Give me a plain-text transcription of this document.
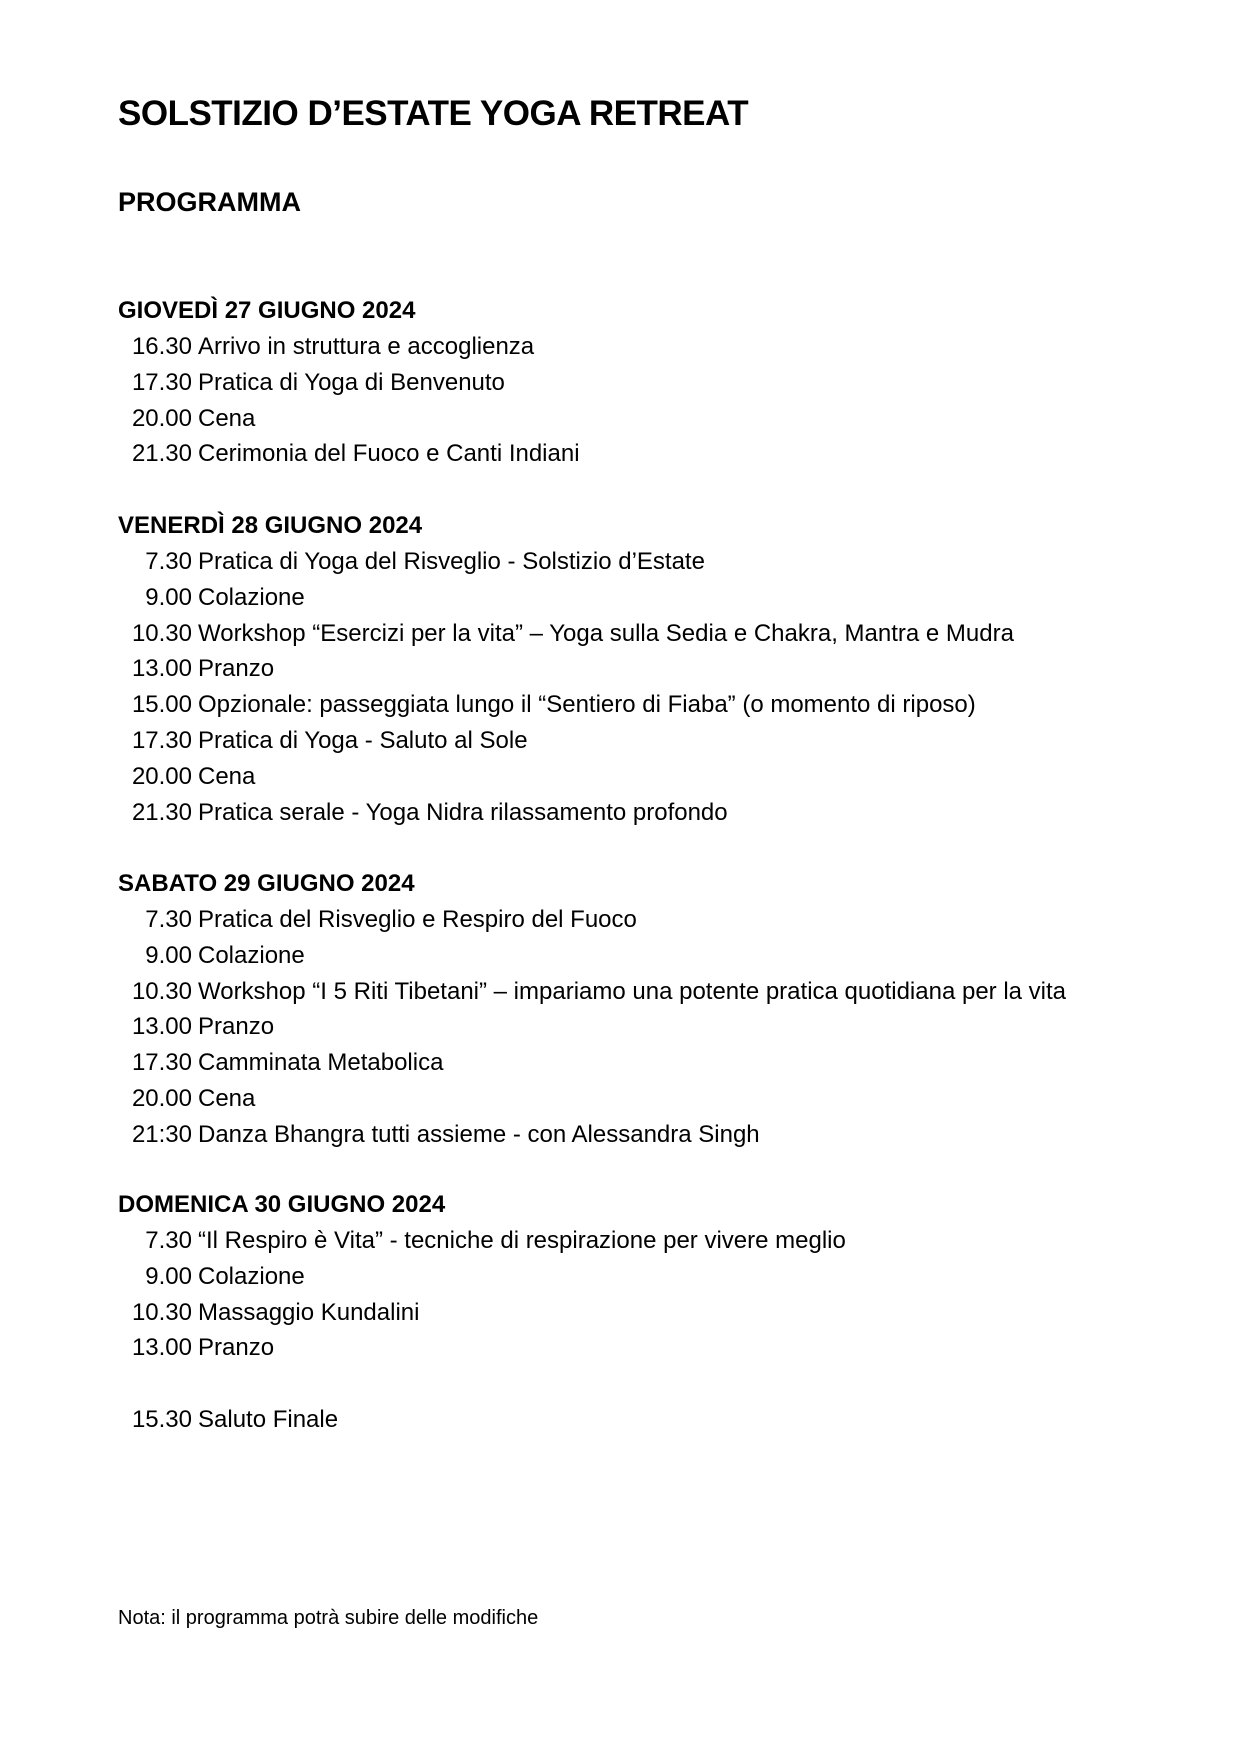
SOLSTIZIO D’ESTATE YOGA RETREAT
PROGRAMMA
GIOVEDÌ 27 GIUGNO 2024
16.30 Arrivo in struttura e accoglienza
17.30 Pratica di Yoga di Benvenuto
20.00 Cena
21.30 Cerimonia del Fuoco e Canti Indiani
VENERDÌ 28 GIUGNO 2024
7.30 Pratica di Yoga del Risveglio - Solstizio d’Estate
9.00 Colazione
10.30 Workshop “Esercizi per la vita” – Yoga sulla Sedia e Chakra, Mantra e Mudra
13.00 Pranzo
15.00 Opzionale: passeggiata lungo il “Sentiero di Fiaba” (o momento di riposo)
17.30 Pratica di Yoga - Saluto al Sole
20.00 Cena
21.30 Pratica serale - Yoga Nidra rilassamento profondo
SABATO 29 GIUGNO 2024
7.30 Pratica del Risveglio e Respiro del Fuoco
9.00 Colazione
10.30 Workshop “I 5 Riti Tibetani” – impariamo una potente pratica quotidiana per la vita
13.00 Pranzo
17.30 Camminata Metabolica
20.00 Cena
21:30 Danza Bhangra tutti assieme - con Alessandra Singh
DOMENICA 30 GIUGNO 2024
7.30 “Il Respiro è Vita” - tecniche di respirazione per vivere meglio
9.00 Colazione
10.30 Massaggio Kundalini
13.00 Pranzo
15.30 Saluto Finale
Nota: il programma potrà subire delle modifiche
